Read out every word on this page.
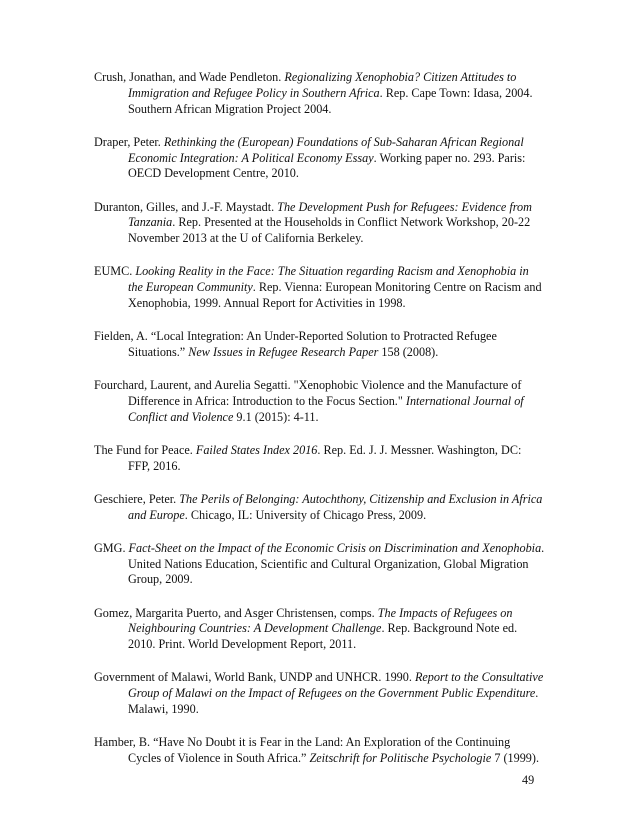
Crush, Jonathan, and Wade Pendleton. Regionalizing Xenophobia? Citizen Attitudes to Immigration and Refugee Policy in Southern Africa. Rep. Cape Town: Idasa, 2004. Southern African Migration Project 2004.
Draper, Peter. Rethinking the (European) Foundations of Sub-Saharan African Regional Economic Integration: A Political Economy Essay. Working paper no. 293. Paris: OECD Development Centre, 2010.
Duranton, Gilles, and J.-F. Maystadt. The Development Push for Refugees: Evidence from Tanzania. Rep. Presented at the Households in Conflict Network Workshop, 20-22 November 2013 at the U of California Berkeley.
EUMC. Looking Reality in the Face: The Situation regarding Racism and Xenophobia in the European Community. Rep. Vienna: European Monitoring Centre on Racism and Xenophobia, 1999. Annual Report for Activities in 1998.
Fielden, A. “Local Integration: An Under-Reported Solution to Protracted Refugee Situations.” New Issues in Refugee Research Paper 158 (2008).
Fourchard, Laurent, and Aurelia Segatti. "Xenophobic Violence and the Manufacture of Difference in Africa: Introduction to the Focus Section." International Journal of Conflict and Violence 9.1 (2015): 4-11.
The Fund for Peace. Failed States Index 2016. Rep. Ed. J. J. Messner. Washington, DC: FFP, 2016.
Geschiere, Peter. The Perils of Belonging: Autochthony, Citizenship and Exclusion in Africa and Europe. Chicago, IL: University of Chicago Press, 2009.
GMG. Fact-Sheet on the Impact of the Economic Crisis on Discrimination and Xenophobia. United Nations Education, Scientific and Cultural Organization, Global Migration Group, 2009.
Gomez, Margarita Puerto, and Asger Christensen, comps. The Impacts of Refugees on Neighbouring Countries: A Development Challenge. Rep. Background Note ed. 2010. Print. World Development Report, 2011.
Government of Malawi, World Bank, UNDP and UNHCR. 1990. Report to the Consultative Group of Malawi on the Impact of Refugees on the Government Public Expenditure. Malawi, 1990.
Hamber, B. “Have No Doubt it is Fear in the Land: An Exploration of the Continuing Cycles of Violence in South Africa.” Zeitschrift for Politische Psychologie 7 (1999).
49
